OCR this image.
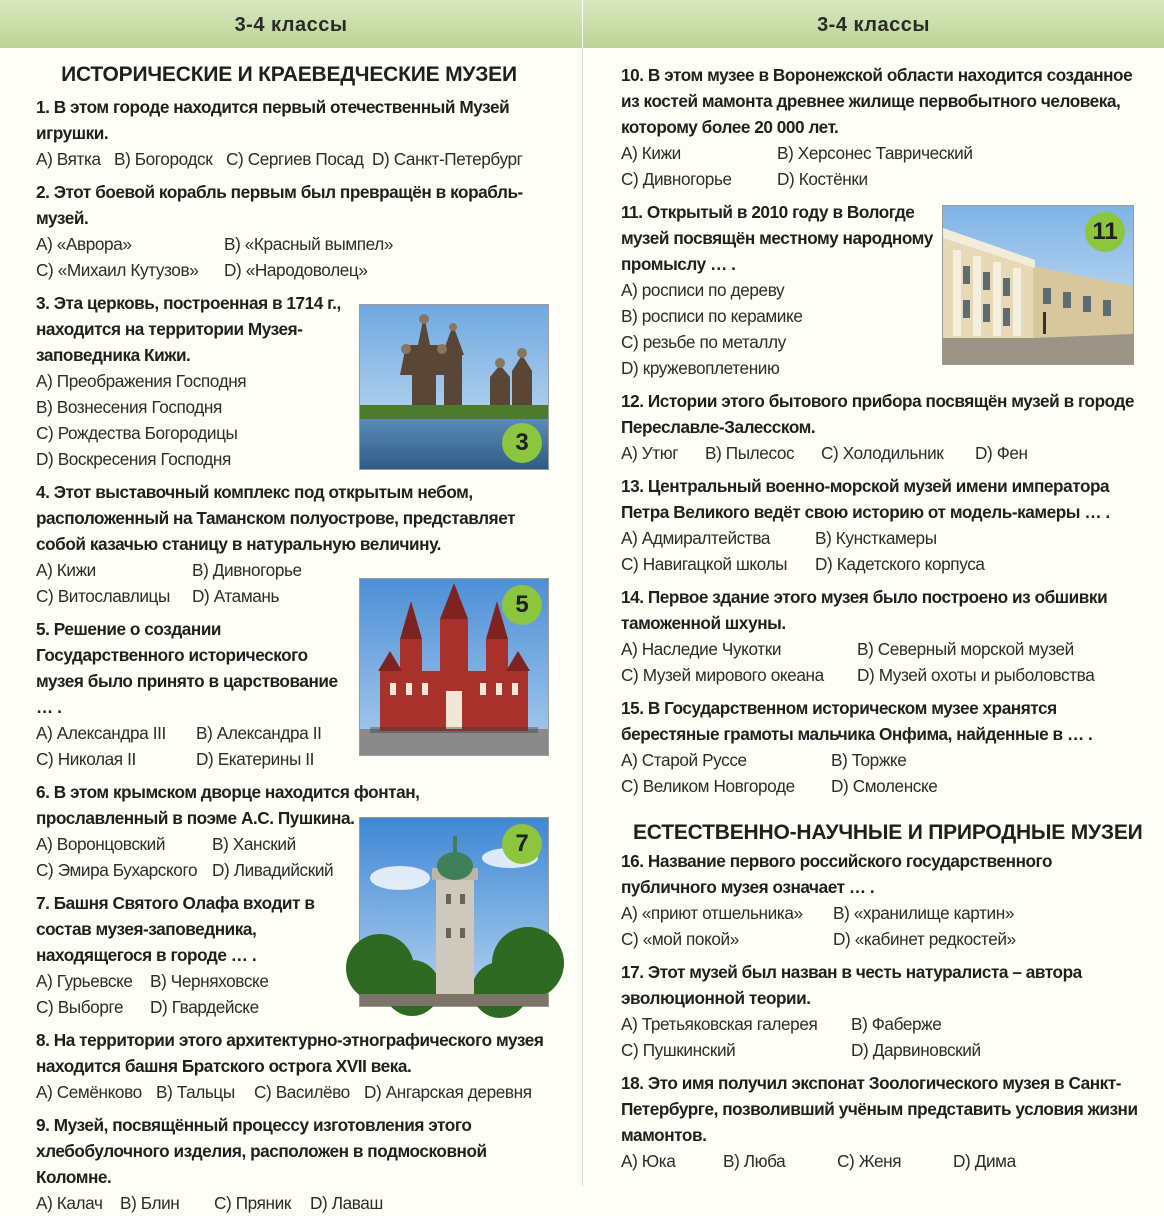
3-4 классы

ИСТОРИЧЕСКИЕ И КРАЕВЕДЧЕСКИЕ МУЗЕИ

1. В этом городе находится первый отечественный Музей игрушки.

A) Вятка B) Богородск C) Сергиев Посад D) Санкт-Петербург

2. Этот боевой корабль первым был превращён в корабль-музей.

A) «Аврора»	B) «Красный вымпел»
C) «Михаил Кутузов»	D) «Народоволец»

3. Эта церковь, построенная в 1714 г., находится на территории Музея-заповедника Кижи.

A) Преображения Господня
B) Вознесения Господня
C) Рождества Богородицы
D) Воскресения Господня

4. Этот выставочный комплекс под открытым небом, расположенный на Таманском полуострове, представляет собой казачью станицу в натуральную величину.

A) Кижи	B) Дивногорье
C) Витославлицы	D) Атамань

5. Решение о создании Государственного исторического музея было принято в царствование … .

A) Александра III	B) Александра II
C) Николая II	D) Екатерины II

6. В этом крымском дворце находится фонтан, прославленный в поэме А.С. Пушкина.

A) Воронцовский	B) Ханский
C) Эмира Бухарского D) Ливадийский

7. Башня Святого Олафа входит в состав музея-заповедника, находящегося в городе … .

A) Гурьевске	B) Черняховске
C) Выборге	D) Гвардейске

8. На территории этого архитектурно-этнографического музея находится башня Братского острога XVII века.

A) Семёнково B) Тальцы	C) Василёво D) Ангарская деревня

9. Музей, посвящённый процессу изготовления этого хлебобулочного изделия, расположен в подмосковной Коломне.

A) Калач	B) Блин	C) Пряник	D) Лаваш
3
5
7
3-4 классы

10. В этом музее в Воронежской области находится созданное из костей мамонта древнее жилище первобытного человека, которому более 20 000 лет.

A) Кижи	B) Херсонес Таврический
C) Дивногорье	D) Костёнки

11. Открытый в 2010 году в Вологде музей посвящён местному народному промыслу … .

A) росписи по дереву
B) росписи по керамике
C) резьбе по металлу
D) кружевоплетению

12. Истории этого бытового прибора посвящён музей в городе Переславле-Залесском.

A) Утюг	B) Пылесос	C) Холодильник	D) Фен

13. Центральный военно-морской музей имени императора Петра Великого ведёт свою историю от модель-камеры … .

A) Адмиралтейства	B) Кунсткамеры
C) Навигацкой школы	D) Кадетского корпуса

14. Первое здание этого музея было построено из обшивки таможенной шхуны.

A) Наследие Чукотки	B) Северный морской музей
C) Музей мирового океана	D) Музей охоты и рыболовства

15. В Государственном историческом музее хранятся берестяные грамоты мальчика Онфима, найденные в … .

A) Старой Руссе	B) Торжке
C) Великом Новгороде	D) Смоленске

ЕСТЕСТВЕННО-НАУЧНЫЕ И ПРИРОДНЫЕ МУЗЕИ

16. Название первого российского государственного публичного музея означает … .

A) «приют отшельника»	B) «хранилище картин»
C) «мой покой»	D) «кабинет редкостей»

17. Этот музей был назван в честь натуралиста – автора эволюционной теории.

A) Третьяковская галерея	B) Фаберже
C) Пушкинский	D) Дарвиновский

18. Это имя получил экспонат Зоологического музея в Санкт-Петербурге, позволивший учёным представить условия жизни мамонтов.

A) Юка	B) Люба	C) Женя	D) Дима
11
